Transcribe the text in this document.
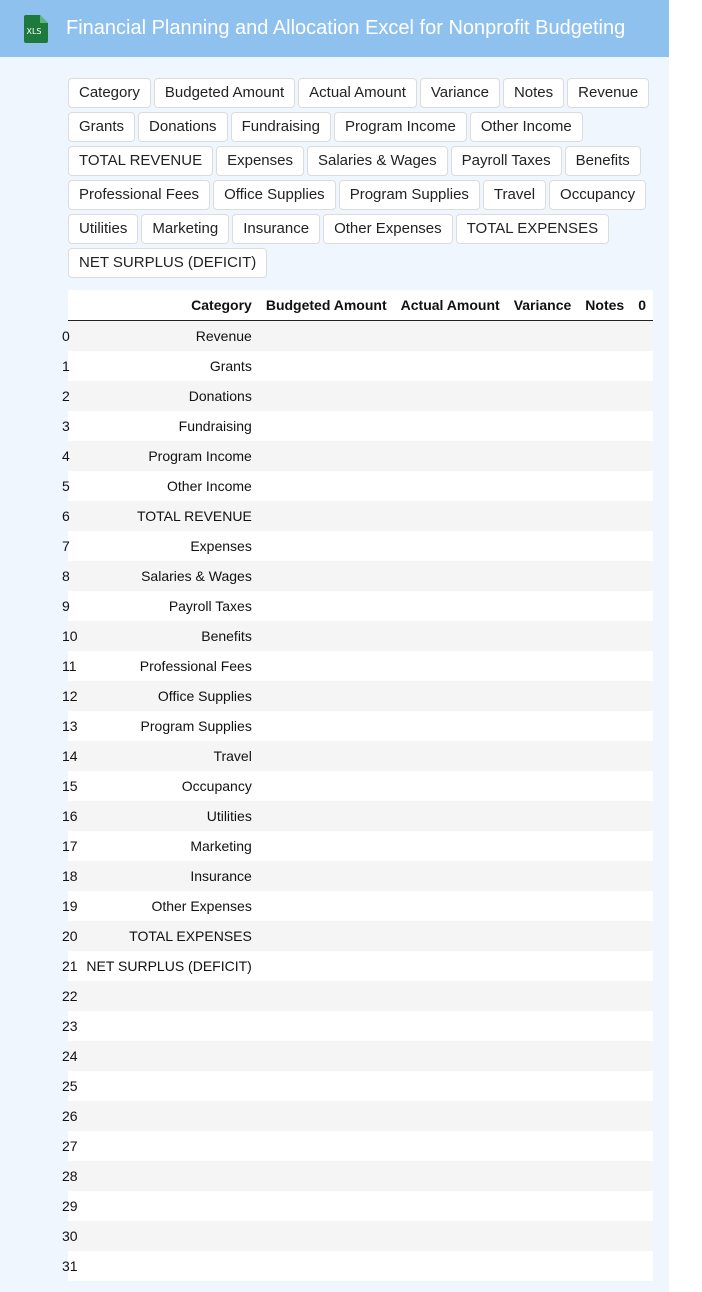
XLS Financial Planning and Allocation Excel for Nonprofit Budgeting
Category	Budgeted Amount	Actual Amount	Variance	Notes	Revenue
Grants	Donations	Fundraising	Program Income	Other Income
TOTAL REVENUE	Expenses	Salaries & Wages	Payroll Taxes	Benefits
Professional Fees	Office Supplies	Program Supplies	Travel	Occupancy
Utilities	Marketing	Insurance	Other Expenses	TOTAL EXPENSES
NET SURPLUS (DEFICIT)
	Category	Budgeted Amount	Actual Amount	Variance	Notes	0
0	Revenue					
1	Grants					
2	Donations					
3	Fundraising					
4	Program Income					
5	Other Income					
6	TOTAL REVENUE					
7	Expenses					
8	Salaries & Wages					
9	Payroll Taxes					
10	Benefits					
11	Professional Fees					
12	Office Supplies					
13	Program Supplies					
14	Travel					
15	Occupancy					
16	Utilities					
17	Marketing					
18	Insurance					
19	Other Expenses					
20	TOTAL EXPENSES					
21	NET SURPLUS (DEFICIT)					
22						
23						
24						
25						
26						
27						
28						
29						
30						
31						
